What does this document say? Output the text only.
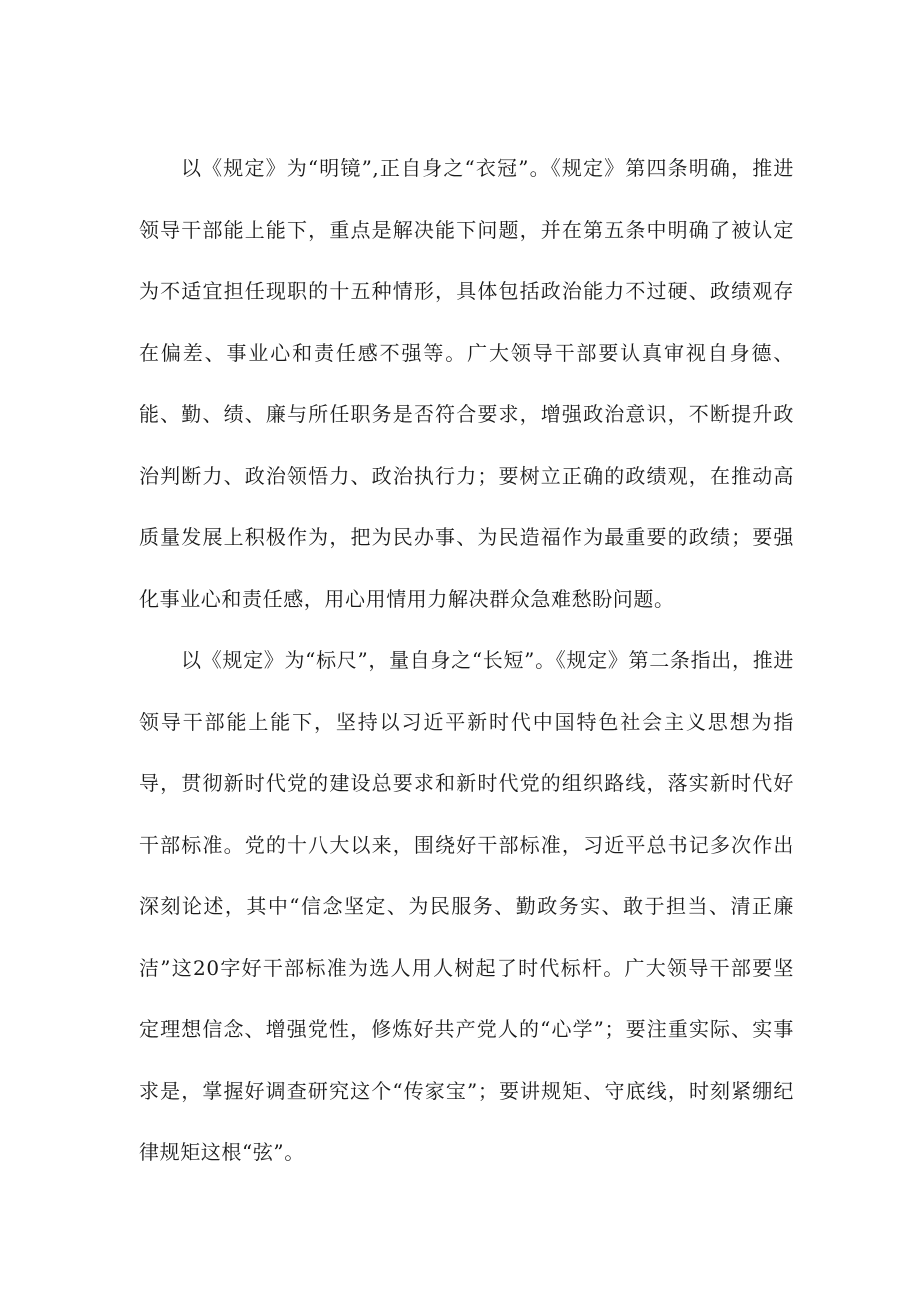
以《规定》为“明镜”,正自身之“衣冠”。《规定》第四条明确，推进领导干部能上能下，重点是解决能下问题，并在第五条中明确了被认定为不适宜担任现职的十五种情形，具体包括政治能力不过硬、政绩观存在偏差、事业心和责任感不强等。广大领导干部要认真审视自身德、能、勤、绩、廉与所任职务是否符合要求，增强政治意识，不断提升政治判断力、政治领悟力、政治执行力；要树立正确的政绩观，在推动高质量发展上积极作为，把为民办事、为民造福作为最重要的政绩；要强化事业心和责任感，用心用情用力解决群众急难愁盼问题。

以《规定》为“标尺”，量自身之“长短”。《规定》第二条指出，推进领导干部能上能下，坚持以习近平新时代中国特色社会主义思想为指导，贯彻新时代党的建设总要求和新时代党的组织路线，落实新时代好干部标准。党的十八大以来，围绕好干部标准，习近平总书记多次作出深刻论述，其中“信念坚定、为民服务、勤政务实、敢于担当、清正廉洁”这20字好干部标准为选人用人树起了时代标杆。广大领导干部要坚定理想信念、增强党性，修炼好共产党人的“心学”；要注重实际、实事求是，掌握好调查研究这个“传家宝”；要讲规矩、守底线，时刻紧绷纪律规矩这根“弦”。
